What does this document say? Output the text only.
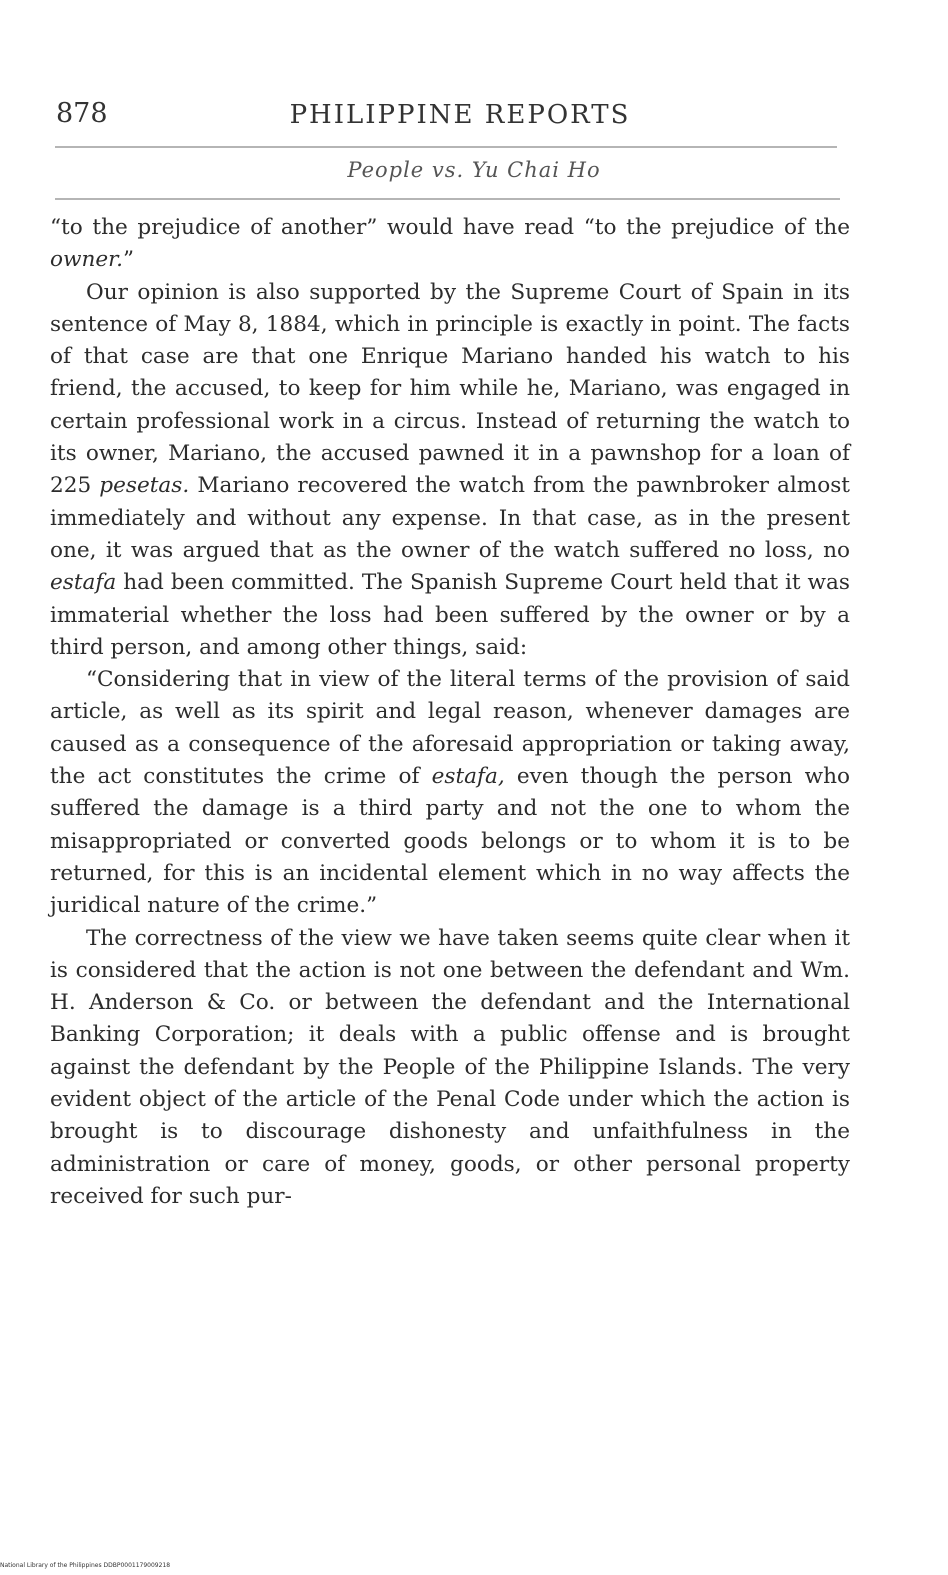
878	PHILIPPINE REPORTS
People vs. Yu Chai Ho

“to the prejudice of another” would have read “to the prejudice of the owner.”

Our opinion is also supported by the Supreme Court of Spain in its sentence of May 8, 1884, which in principle is exactly in point. The facts of that case are that one Enrique Mariano handed his watch to his friend, the accused, to keep for him while he, Mariano, was engaged in certain professional work in a circus. Instead of returning the watch to its owner, Mariano, the accused pawned it in a pawnshop for a loan of 225 pesetas. Mariano recovered the watch from the pawnbroker almost immediately and without any expense. In that case, as in the present one, it was argued that as the owner of the watch suffered no loss, no estafa had been committed. The Spanish Supreme Court held that it was immaterial whether the loss had been suffered by the owner or by a third person, and among other things, said:

“Considering that in view of the literal terms of the provision of said article, as well as its spirit and legal reason, whenever damages are caused as a consequence of the aforesaid appropriation or taking away, the act constitutes the crime of estafa, even though the person who suffered the damage is a third party and not the one to whom the misappropriated or converted goods belongs or to whom it is to be returned, for this is an incidental element which in no way affects the juridical nature of the crime.”

The correctness of the view we have taken seems quite clear when it is considered that the action is not one between the defendant and Wm. H. Anderson & Co. or between the defendant and the International Banking Corporation; it deals with a public offense and is brought against the defendant by the People of the Philippine Islands. The very evident object of the article of the Penal Code under which the action is brought is to discourage dishonesty and unfaithfulness in the administration or care of money, goods, or other personal property received for such pur-

National Library of the Philippines DDBP0001179009218
